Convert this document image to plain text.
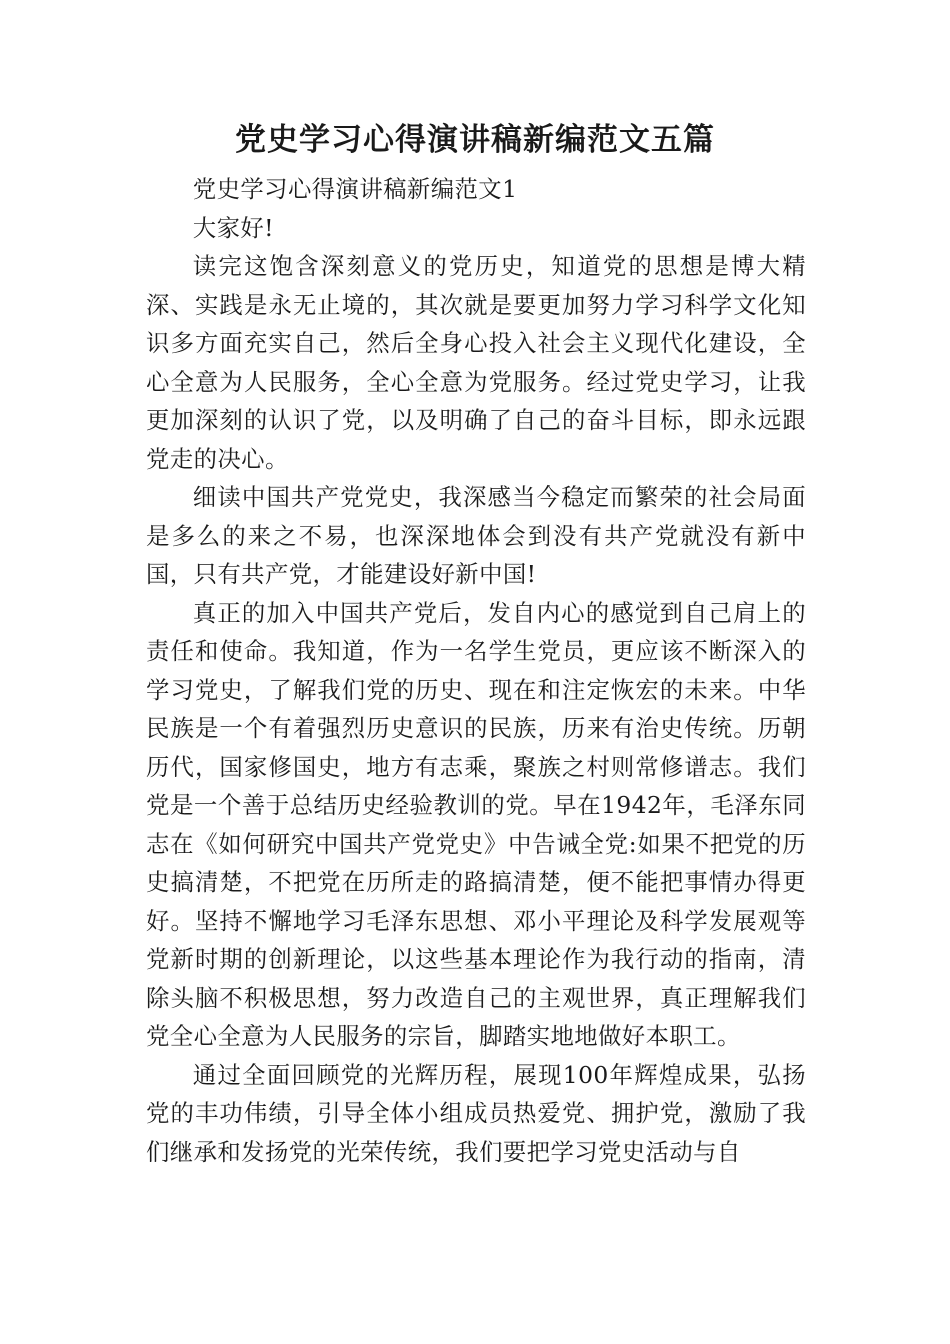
党史学习心得演讲稿新编范文五篇

党史学习心得演讲稿新编范文1

大家好!

读完这饱含深刻意义的党历史，知道党的思想是博大精深、实践是永无止境的，其次就是要更加努力学习科学文化知识多方面充实自己，然后全身心投入社会主义现代化建设，全心全意为人民服务，全心全意为党服务。经过党史学习，让我更加深刻的认识了党，以及明确了自己的奋斗目标，即永远跟党走的决心。

细读中国共产党党史，我深感当今稳定而繁荣的社会局面是多么的来之不易，也深深地体会到没有共产党就没有新中国，只有共产党，才能建设好新中国!

真正的加入中国共产党后，发自内心的感觉到自己肩上的责任和使命。我知道，作为一名学生党员，更应该不断深入的学习党史，了解我们党的历史、现在和注定恢宏的未来。中华民族是一个有着强烈历史意识的民族，历来有治史传统。历朝历代，国家修国史，地方有志乘，聚族之村则常修谱志。我们党是一个善于总结历史经验教训的党。早在1942年，毛泽东同志在《如何研究中国共产党党史》中告诫全党:如果不把党的历史搞清楚，不把党在历所走的路搞清楚，便不能把事情办得更好。坚持不懈地学习毛泽东思想、邓小平理论及科学发展观等党新时期的创新理论，以这些基本理论作为我行动的指南，清除头脑不积极思想，努力改造自己的主观世界，真正理解我们党全心全意为人民服务的宗旨，脚踏实地地做好本职工。

通过全面回顾党的光辉历程，展现100年辉煌成果，弘扬党的丰功伟绩，引导全体小组成员热爱党、拥护党，激励了我们继承和发扬党的光荣传统，我们要把学习党史活动与自
